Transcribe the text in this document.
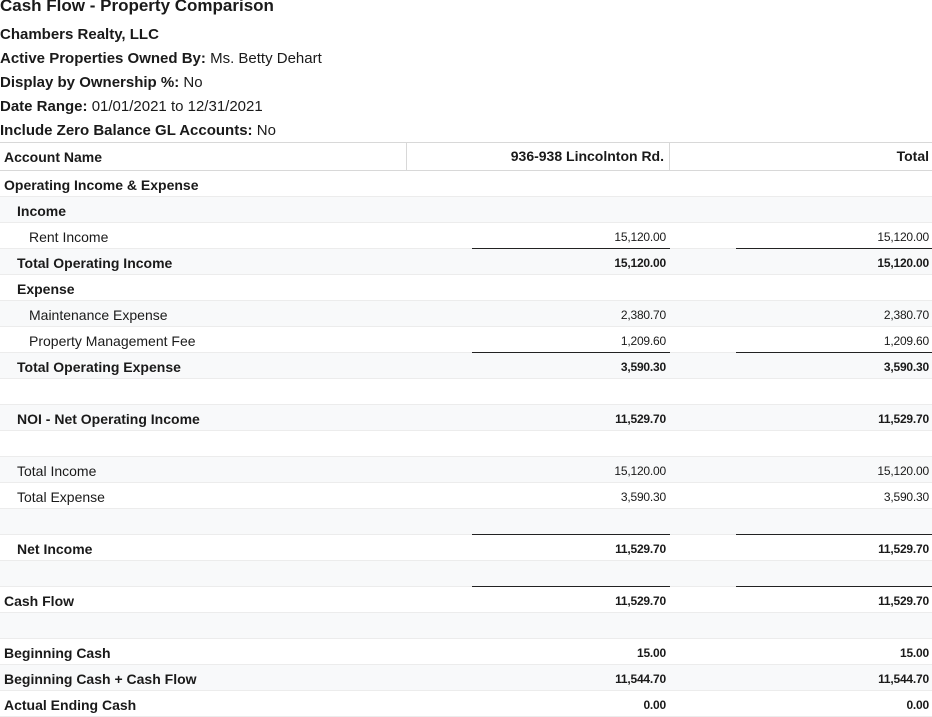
Cash Flow - Property Comparison
Chambers Realty, LLC
Active Properties Owned By: Ms. Betty Dehart
Display by Ownership %: No
Date Range: 01/01/2021 to 12/31/2021
Include Zero Balance GL Accounts: No
Account Name	936-938 Lincolnton Rd.	Total
Operating Income & Expense
Income
Rent Income	15,120.00	15,120.00
Total Operating Income	15,120.00	15,120.00
Expense
Maintenance Expense	2,380.70	2,380.70
Property Management Fee	1,209.60	1,209.60
Total Operating Expense	3,590.30	3,590.30
NOI - Net Operating Income	11,529.70	11,529.70
Total Income	15,120.00	15,120.00
Total Expense	3,590.30	3,590.30
Net Income	11,529.70	11,529.70
Cash Flow	11,529.70	11,529.70
Beginning Cash	15.00	15.00
Beginning Cash + Cash Flow	11,544.70	11,544.70
Actual Ending Cash	0.00	0.00
